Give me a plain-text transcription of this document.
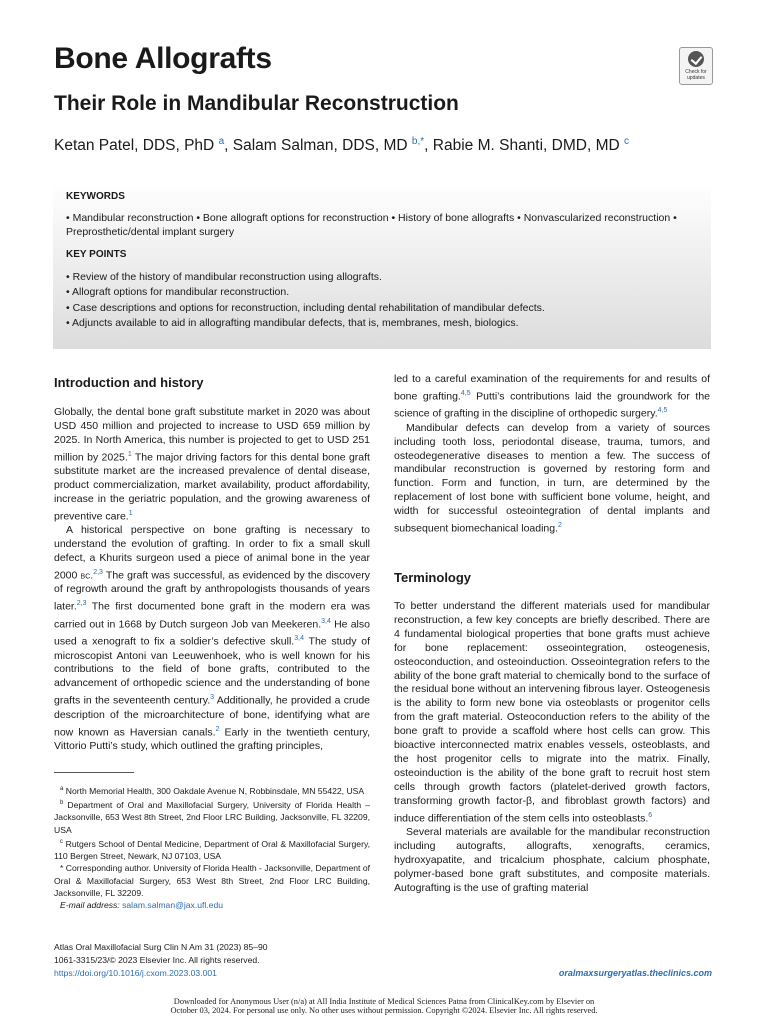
Bone Allografts
Their Role in Mandibular Reconstruction
Ketan Patel, DDS, PhD $^a$, Salam Salman, DDS, MD $^{b,*}$, Rabie M. Shanti, DMD, MD $^c$
Check for
updates
KEYWORDS
• Mandibular reconstruction • Bone allograft options for reconstruction • History of bone allografts • Nonvascularized reconstruction • Preprosthetic/dental implant surgery
KEY POINTS
• Review of the history of mandibular reconstruction using allografts.
• Allograft options for mandibular reconstruction.
• Case descriptions and options for reconstruction, including dental rehabilitation of mandibular defects.
• Adjuncts available to aid in allografting mandibular defects, that is, membranes, mesh, biologics.
Introduction and history

Globally, the dental bone graft substitute market in 2020 was about USD 450 million and projected to increase to USD 659 million by 2025. In North America, this number is projected to get to USD 251 million by 2025.$^1$ The major driving factors for this dental bone graft substitute market are the increased prevalence of dental disease, product commercialization, market availability, product affordability, increase in the geriatric population, and the growing awareness of preventive care.$^1$

A historical perspective on bone grafting is necessary to understand the evolution of grafting. In order to fix a small skull defect, a Khurits surgeon used a piece of animal bone in the year 2000 bc.$^{2,3}$ The graft was successful, as evidenced by the discovery of regrowth around the graft by anthropologists thousands of years later.$^{2,3}$ The first documented bone graft in the modern era was carried out in 1668 by Dutch surgeon Job van Meekeren.$^{3,4}$ He also used a xenograft to fix a soldier’s defective skull.$^{3,4}$ The study of microscopist Antoni van Leeuwenhoek, who is well known for his contributions to the field of bone grafts, contributed to the advancement of orthopedic science and the understanding of bone grafts in the seventeenth century.$^3$ Additionally, he provided a crude description of the microarchitecture of bone, identifying what are now known as Haversian canals.$^2$ Early in the twentieth century, Vittorio Putti’s study, which outlined the grafting principles,

led to a careful examination of the requirements for and results of bone grafting.$^{4,5}$ Putti’s contributions laid the groundwork for the science of grafting in the discipline of orthopedic surgery.$^{4,5}$

Mandibular defects can develop from a variety of sources including tooth loss, periodontal disease, trauma, tumors, and osteodegenerative diseases to mention a few. The success of mandibular reconstruction is governed by restoring form and function. Form and function, in turn, are determined by the replacement of lost bone with sufficient bone volume, height, and width for successful osteointegration of dental implants and subsequent biomechanical loading.$^2$

Terminology

To better understand the different materials used for mandibular reconstruction, a few key concepts are briefly described. There are 4 fundamental biological properties that bone grafts must achieve for bone replacement: osseointegration, osteogenesis, osteoconduction, and osteoinduction. Osseointegration refers to the ability of the bone graft material to chemically bond to the surface of the residual bone without an intervening fibrous layer. Osteogenesis is the ability to form new bone via osteoblasts or progenitor cells from the graft material. Osteoconduction refers to the ability of the bone graft to provide a scaffold where host cells can grow. This bioactive interconnected matrix enables vessels, osteoblasts, and the host progenitor cells to migrate into the matrix. Finally, osteoinduction is the ability of the bone graft to recruit host stem cells through growth factors (platelet-derived growth factors, transforming growth factor-β, and fibroblast growth factors) and induce differentiation of the stem cells into osteoblasts.$^6$

Several materials are available for the mandibular reconstruction including autografts, allografts, xenografts, ceramics, hydroxyapatite, and tricalcium phosphate, calcium phosphate, polymer-based bone graft substitutes, and composite materials. Autografting is the use of grafting material

$^a$ North Memorial Health, 300 Oakdale Avenue N, Robbinsdale, MN 55422, USA

$^b$ Department of Oral and Maxillofacial Surgery, University of Florida Health – Jacksonville, 653 West 8th Street, 2nd Floor LRC Building, Jacksonville, FL 32209, USA

$^c$ Rutgers School of Dental Medicine, Department of Oral & Maxillofacial Surgery, 110 Bergen Street, Newark, NJ 07103, USA

* Corresponding author. University of Florida Health - Jacksonville, Department of Oral & Maxillofacial Surgery, 653 West 8th Street, 2nd Floor LRC Building, Jacksonville, FL 32209.

E-mail address: salam.salman@jax.ufl.edu

Atlas Oral Maxillofacial Surg Clin N Am 31 (2023) 85–90
1061-3315/23/© 2023 Elsevier Inc. All rights reserved.
https://doi.org/10.1016/j.cxom.2023.03.001	oralmaxsurgeryatlas.theclinics.com
Downloaded for Anonymous User (n/a) at All India Institute of Medical Sciences Patna from ClinicalKey.com by Elsevier on
October 03, 2024. For personal use only. No other uses without permission. Copyright ©2024. Elsevier Inc. All rights reserved.
